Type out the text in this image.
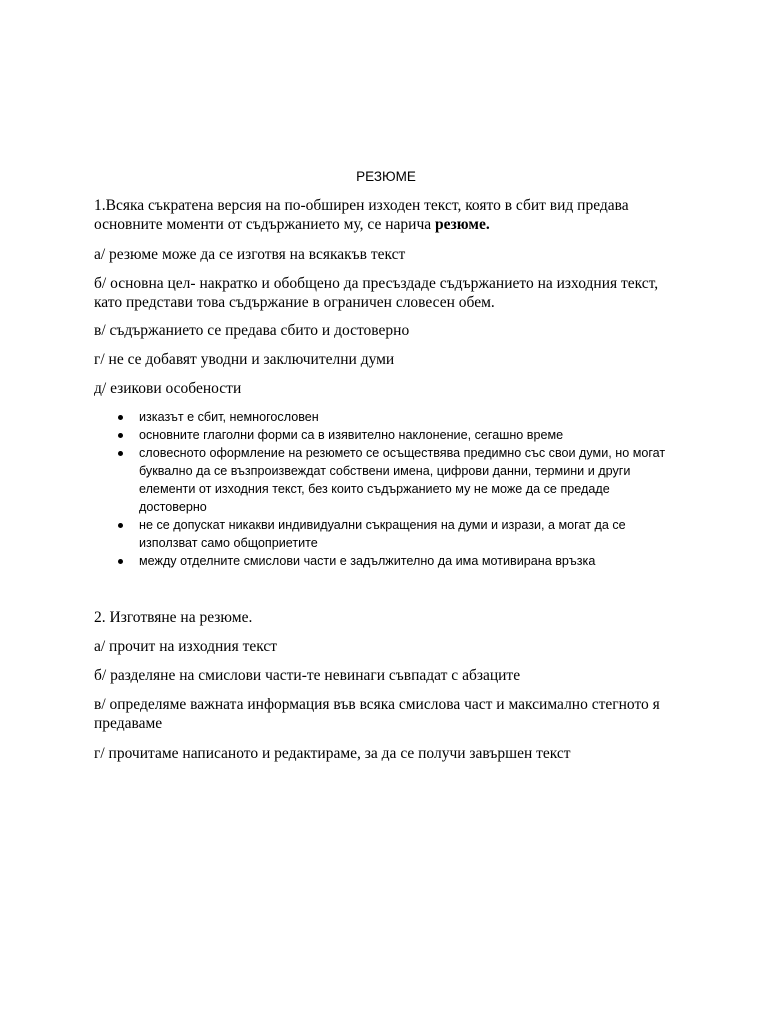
РЕЗЮМЕ

1.Всяка съкратена версия на по-обширен изходен текст, която в сбит вид предава основните моменти от съдържанието му, се нарича резюме.

а/ резюме може да се изготвя на всякакъв текст

б/ основна цел- накратко и обобщено да пресъздаде съдържанието на изходния текст, като представи това съдържание в ограничен словесен обем.

в/ съдържанието се предава сбито и достоверно

г/ не се добавят уводни и заключителни думи

д/ езикови особености

изказът е сбит, немногословен
основните глаголни форми са в изявително наклонение, сегашно време
словесното оформление на резюмето се осъществява предимно със свои думи, но могат буквално да се възпроизвеждат собствени имена, цифрови данни, термини и други елементи от изходния текст, без които съдържанието му не може да се предаде достоверно
не се допускат никакви индивидуални съкращения на думи и изрази, а могат да се използват само общоприетите
между отделните смислови части е задължително да има мотивирана връзка

2. Изготвяне на резюме.

а/ прочит на изходния текст

б/ разделяне на смислови части-те невинаги съвпадат с абзаците

в/ определяме важната информация във всяка смислова част и максимално стегното я предаваме

г/ прочитаме написаното и редактираме, за да се получи завършен текст
